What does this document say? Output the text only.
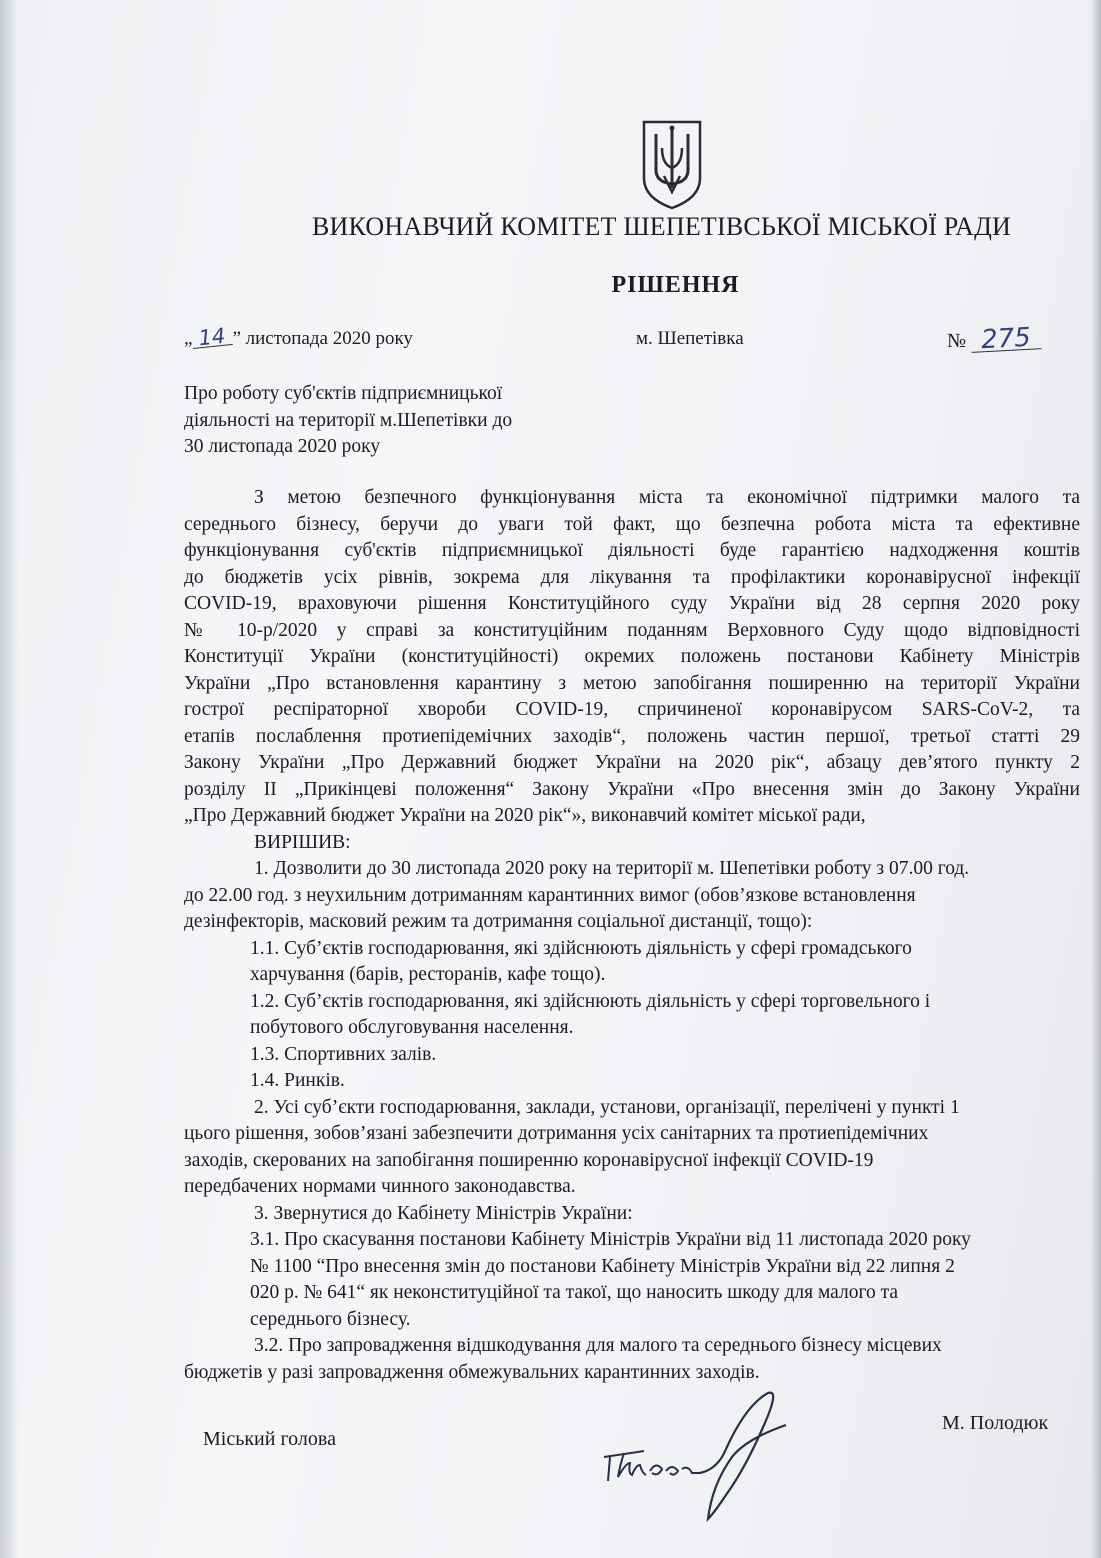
ВИКОНАВЧИЙ КОМІТЕТ ШЕПЕТІВСЬКОЇ МІСЬКОЇ РАДИ
РІШЕННЯ
„ 14 ” листопада 2020 року	м. Шепетівка	№ 275
Про роботу суб'єктів підприємницької
діяльності на території м.Шепетівки до
30 листопада 2020 року
З метою безпечного функціонування міста та економічної підтримки малого та
середнього бізнесу, беручи до уваги той факт, що безпечна робота міста та ефективне
функціонування суб'єктів підприємницької діяльності буде гарантією надходження коштів
до бюджетів усіх рівнів, зокрема для лікування та профілактики коронавірусної інфекції
COVID-19, враховуючи рішення Конституційного суду України від 28 серпня 2020 року
№ 10-р/2020 у справі за конституційним поданням Верховного Суду щодо відповідності
Конституції України (конституційності) окремих положень постанови Кабінету Міністрів
України „Про встановлення карантину з метою запобігання поширенню на території України
гострої респіраторної хвороби COVID-19, спричиненої коронавірусом SARS-CoV-2, та
етапів послаблення протиепідемічних заходів“, положень частин першої, третьої статті 29
Закону України „Про Державний бюджет України на 2020 рік“, абзацу дев’ятого пункту 2
розділу II „Прикінцеві положення“ Закону України «Про внесення змін до Закону України
„Про Державний бюджет України на 2020 рік“», виконавчий комітет міської ради,
ВИРІШИВ:
1. Дозволити до 30 листопада 2020 року на території м. Шепетівки роботу з 07.00 год.
до 22.00 год. з неухильним дотриманням карантинних вимог (обов’язкове встановлення
дезінфекторів, масковий режим та дотримання соціальної дистанції, тощо):
1.1. Суб’єктів господарювання, які здійснюють діяльність у сфері громадського
харчування (барів, ресторанів, кафе тощо).
1.2. Суб’єктів господарювання, які здійснюють діяльність у сфері торговельного і
побутового обслуговування населення.
1.3. Спортивних залів.
1.4. Ринків.
2. Усі суб’єкти господарювання, заклади, установи, організації, перелічені у пункті 1
цього рішення, зобов’язані забезпечити дотримання усіх санітарних та протиепідемічних
заходів, скерованих на запобігання поширенню коронавірусної інфекції COVID-19
передбачених нормами чинного законодавства.
3. Звернутися до Кабінету Міністрів України:
3.1. Про скасування постанови Кабінету Міністрів України від 11 листопада 2020 року
№ 1100 “Про внесення змін до постанови Кабінету Міністрів України від 22 липня 2
020 р. № 641“ як неконституційної та такої, що наносить шкоду для малого та
середнього бізнесу.
3.2. Про запровадження відшкодування для малого та середнього бізнесу місцевих
бюджетів у разі запровадження обмежувальних карантинних заходів.
Міський голова
М. Полодюк
